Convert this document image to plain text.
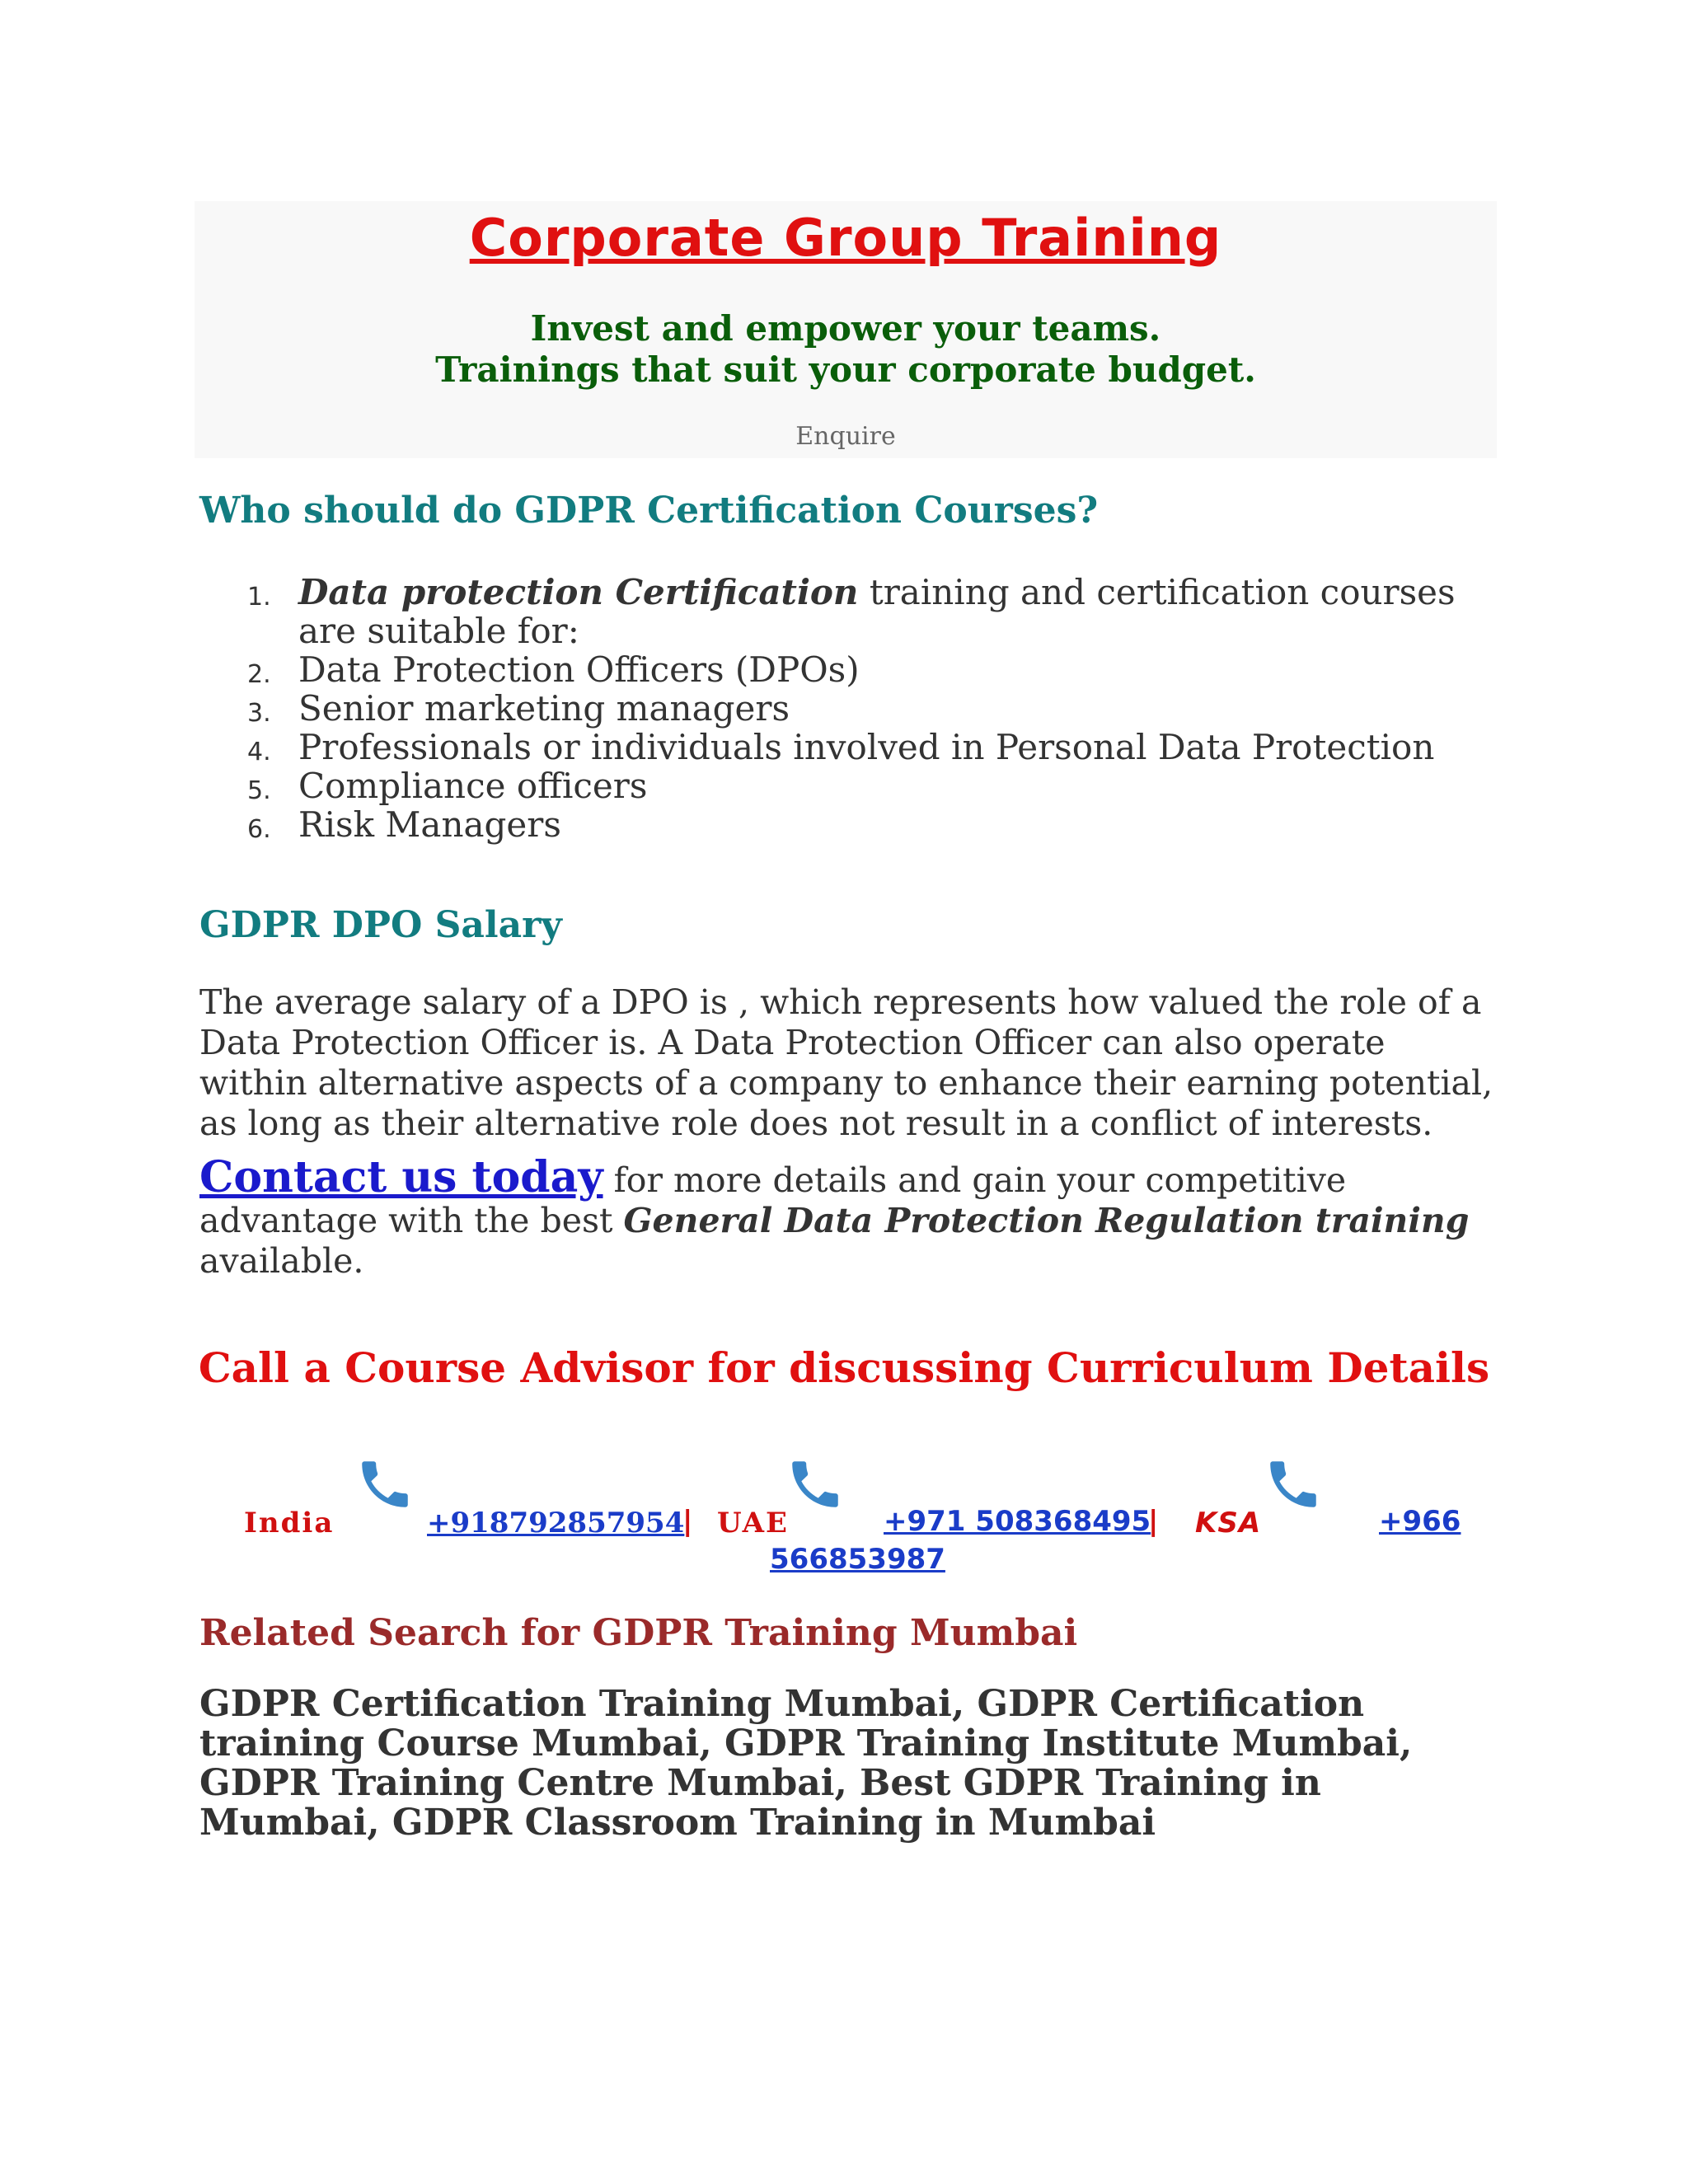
Corporate Group Training
Invest and empower your teams.
Trainings that suit your corporate budget.
Enquire
Who should do GDPR Certification Courses?
1. Data protection Certification training and certification courses are suitable for:
2. Data Protection Officers (DPOs)
3. Senior marketing managers
4. Professionals or individuals involved in Personal Data Protection
5. Compliance officers
6. Risk Managers
GDPR DPO Salary
The average salary of a DPO is , which represents how valued the role of a Data Protection Officer is. A Data Protection Officer can also operate within alternative aspects of a company to enhance their earning potential, as long as their alternative role does not result in a conflict of interests.
Contact us today for more details and gain your competitive advantage with the best General Data Protection Regulation training available.
Call a Course Advisor for discussing Curriculum Details
India	+918792857954
| UAE	+971 508368495
| KSA	+966
566853987
Related Search for GDPR Training Mumbai
GDPR Certification Training Mumbai, GDPR Certification training Course Mumbai, GDPR Training Institute Mumbai, GDPR Training Centre Mumbai, Best GDPR Training in Mumbai, GDPR Classroom Training in Mumbai
